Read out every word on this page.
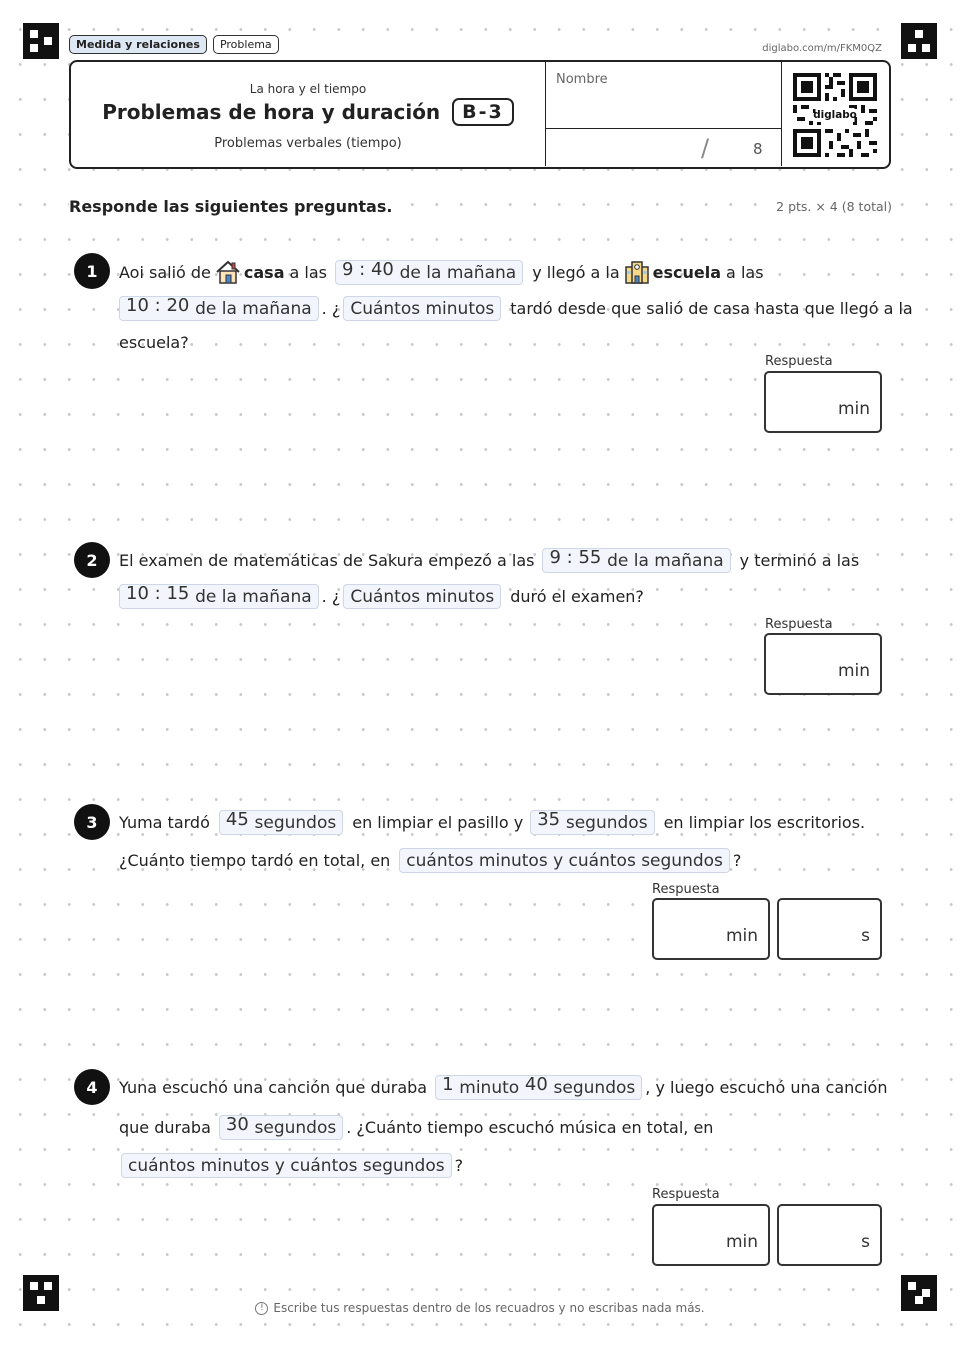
Medida y relaciones	Problema	diglabo.com/m/FKM0QZ
La hora y el tiempo
Problemas de hora y duración	B-3
Problemas verbales (tiempo)
Nombre
/	8
diglabo
Responde las siguientes preguntas.	2 pts. × 4 (8 total)
1	Aoi salió de casa a las 9 : 40 de la mañana	y llegó a la escuela a las
10 : 20 de la mañana . ¿ Cuántos minutos	tardó desde que salió de casa hasta que llegó a la
escuela?
Respuesta
min
2	El examen de matemáticas de Sakura empezó a las 9 : 55 de la mañana	y terminó a las
10 : 15 de la mañana . ¿ Cuántos minutos	duró el examen?
Respuesta
min
3	Yuma tardó 45 segundos	en limpiar el pasillo y 35 segundos	en limpiar los escritorios.
¿Cuánto tiempo tardó en total, en cuántos minutos y cuántos segundos ?
Respuesta
min	s
4	Yuna escuchó una canción que duraba 1 minuto 40 segundos , y luego escuchó una canción
que duraba 30 segundos . ¿Cuánto tiempo escuchó música en total, en
cuántos minutos y cuántos segundos ?
Respuesta
min	s
! Escribe tus respuestas dentro de los recuadros y no escribas nada más.
